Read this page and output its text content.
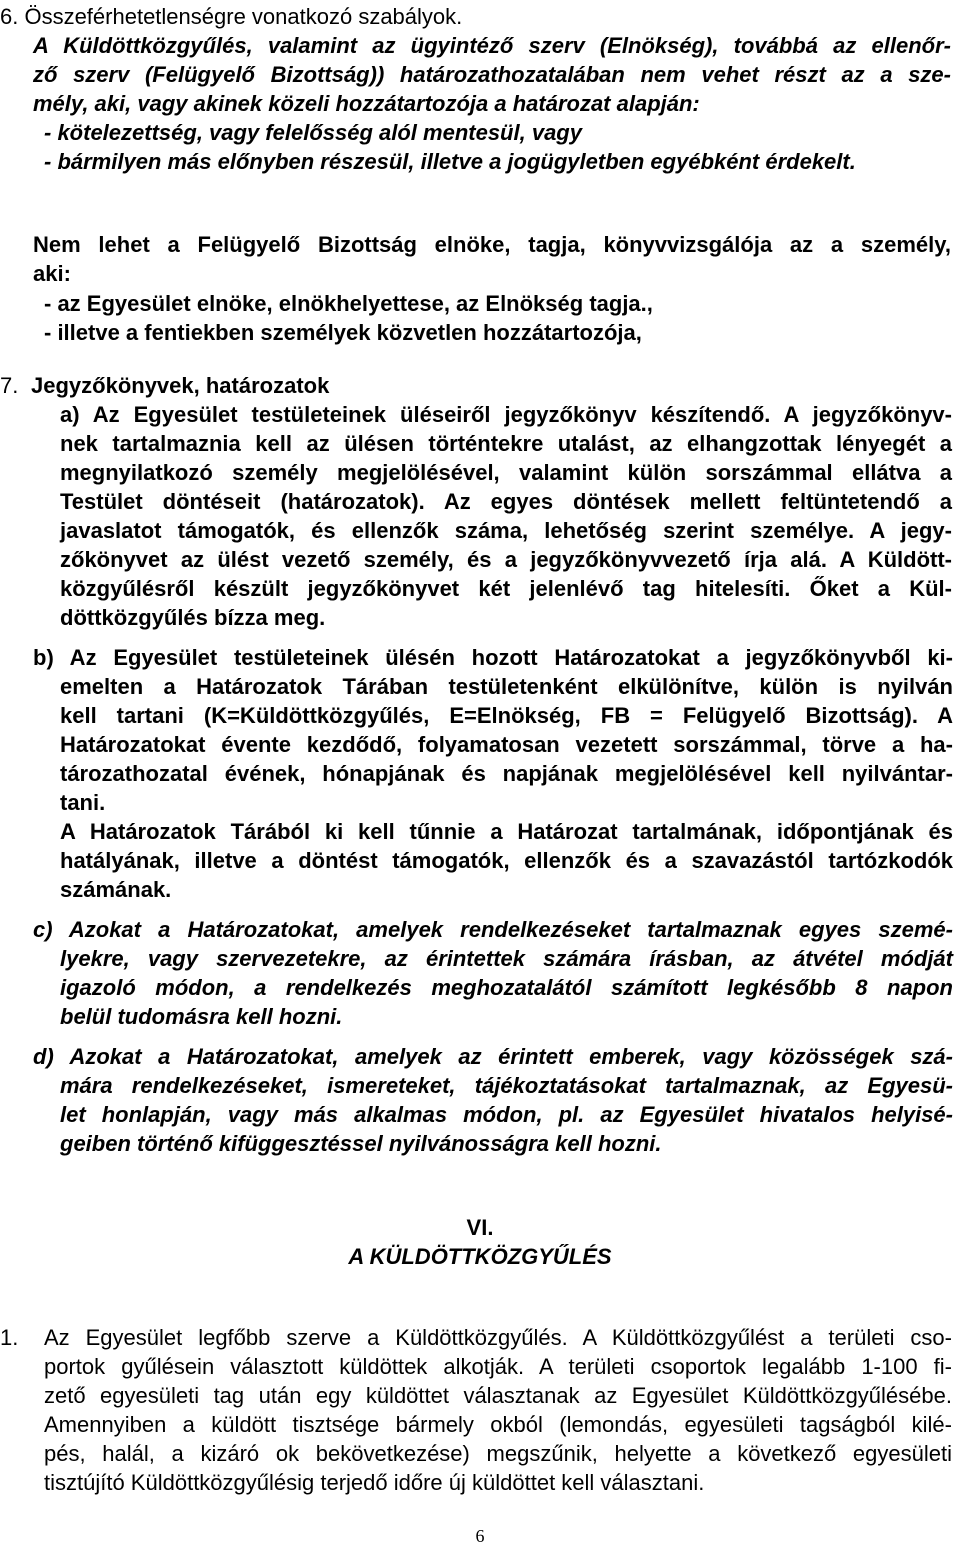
6. Összeférhetetlenségre vonatkozó szabályok.
A Küldöttközgyűlés, valamint az ügyintéző szerv (Elnökség), továbbá az ellenőr-
ző szerv (Felügyelő Bizottság)) határozathozatalában nem vehet részt az a sze-
mély, aki, vagy akinek közeli hozzátartozója a határozat alapján:
- kötelezettség, vagy felelősség alól mentesül, vagy
- bármilyen más előnyben részesül, illetve a jogügyletben egyébként érdekelt.
Nem lehet a Felügyelő Bizottság elnöke, tagja, könyvvizsgálója az a személy,
aki:
- az Egyesület elnöke, elnökhelyettese, az Elnökség tagja.,
- illetve a fentiekben személyek közvetlen hozzátartozója,
7. Jegyzőkönyvek, határozatok
a) Az Egyesület testületeinek üléseiről jegyzőkönyv készítendő. A jegyzőkönyv-
nek tartalmaznia kell az ülésen történtekre utalást, az elhangzottak lényegét a
megnyilatkozó személy megjelölésével, valamint külön sorszámmal ellátva a
Testület döntéseit (határozatok). Az egyes döntések mellett feltüntetendő a
javaslatot támogatók, és ellenzők száma, lehetőség szerint személye. A jegy-
zőkönyvet az ülést vezető személy, és a jegyzőkönyvvezető írja alá. A Küldött-
közgyűlésről készült jegyzőkönyvet két jelenlévő tag hitelesíti. Őket a Kül-
döttközgyűlés bízza meg.
b) Az Egyesület testületeinek ülésén hozott Határozatokat a jegyzőkönyvből ki-
emelten a Határozatok Tárában testületenként elkülönítve, külön is nyilván
kell tartani (K=Küldöttközgyűlés, E=Elnökség, FB = Felügyelő Bizottság). A
Határozatokat évente kezdődő, folyamatosan vezetett sorszámmal, törve a ha-
tározathozatal évének, hónapjának és napjának megjelölésével kell nyilvántar-
tani.
A Határozatok Tárából ki kell tűnnie a Határozat tartalmának, időpontjának és
hatályának, illetve a döntést támogatók, ellenzők és a szavazástól tartózkodók
számának.
c) Azokat a Határozatokat, amelyek rendelkezéseket tartalmaznak egyes szemé-
lyekre, vagy szervezetekre, az érintettek számára írásban, az átvétel módját
igazoló módon, a rendelkezés meghozatalától számított legkésőbb 8 napon
belül tudomásra kell hozni.
d) Azokat a Határozatokat, amelyek az érintett emberek, vagy közösségek szá-
mára rendelkezéseket, ismereteket, tájékoztatásokat tartalmaznak, az Egyesü-
let honlapján, vagy más alkalmas módon, pl. az Egyesület hivatalos helyisé-
geiben történő kifüggesztéssel nyilvánosságra kell hozni.
VI.
A KÜLDÖTTKÖZGYŰLÉS
1. Az Egyesület legfőbb szerve a Küldöttközgyűlés. A Küldöttközgyűlést a területi cso-
portok gyűlésein választott küldöttek alkotják. A területi csoportok legalább 1-100 fi-
zető egyesületi tag után egy küldöttet választanak az Egyesület Küldöttközgyűlésébe.
Amennyiben a küldött tisztsége bármely okból (lemondás, egyesületi tagságból kilé-
pés, halál, a kizáró ok bekövetkezése) megszűnik, helyette a következő egyesületi
tisztújító Küldöttközgyűlésig terjedő időre új küldöttet kell választani.
6
